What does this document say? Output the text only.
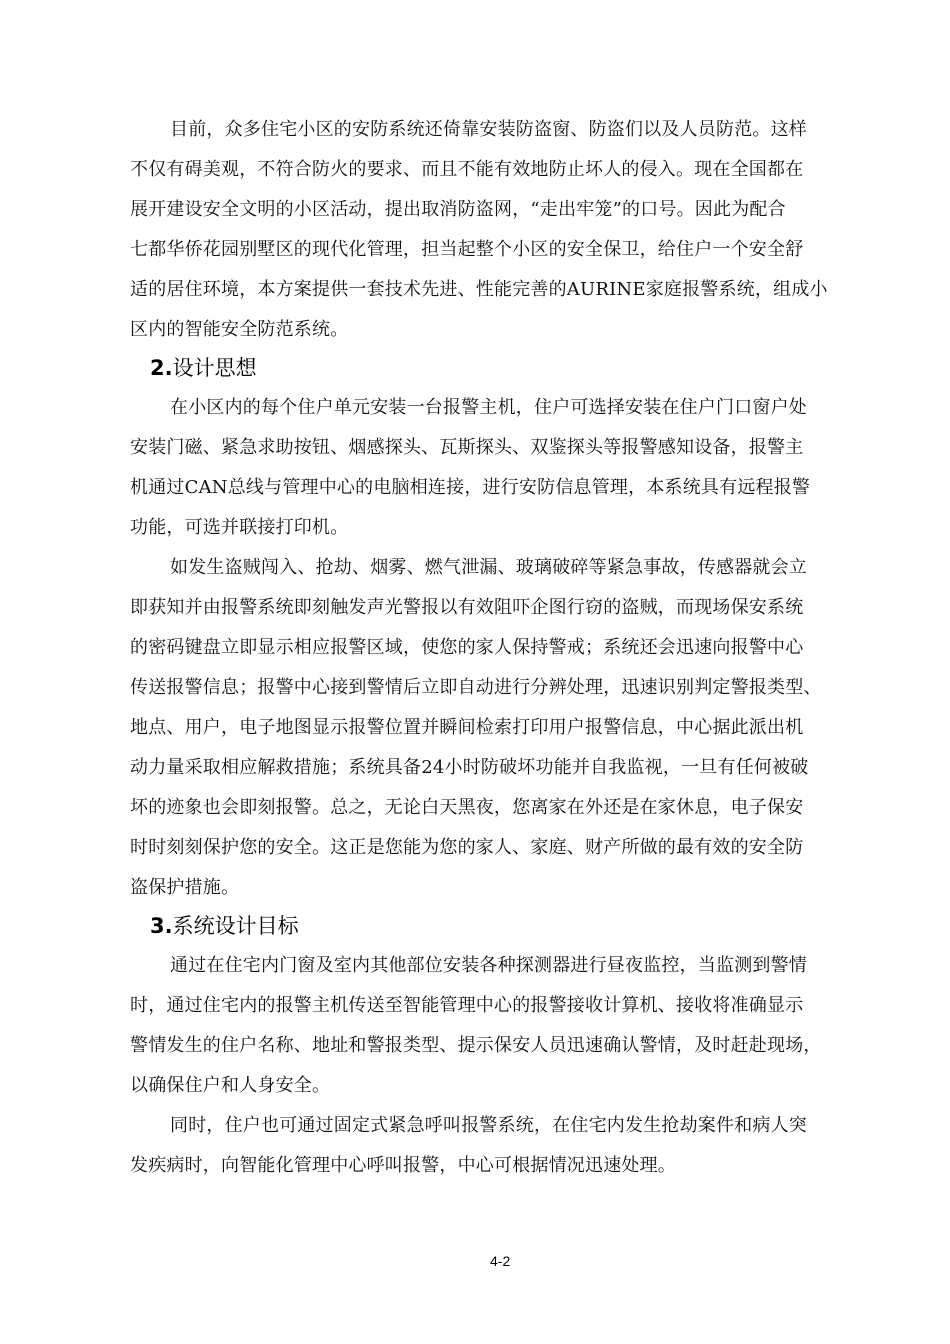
目前，众多住宅小区的安防系统还倚靠安装防盗窗、防盗们以及人员防范。这样
不仅有碍美观，不符合防火的要求、而且不能有效地防止坏人的侵入。现在全国都在
展开建设安全文明的小区活动，提出取消防盗网，“走出牢笼”的口号。因此为配合
七都华侨花园别墅区的现代化管理，担当起整个小区的安全保卫，给住户一个安全舒
适的居住环境，本方案提供一套技术先进、性能完善的AURINE家庭报警系统，组成小
区内的智能安全防范系统。
2.设计思想
在小区内的每个住户单元安装一台报警主机，住户可选择安装在住户门口窗户处
安装门磁、紧急求助按钮、烟感探头、瓦斯探头、双鉴探头等报警感知设备，报警主
机通过CAN总线与管理中心的电脑相连接，进行安防信息管理，本系统具有远程报警
功能，可选并联接打印机。
如发生盗贼闯入、抢劫、烟雾、燃气泄漏、玻璃破碎等紧急事故，传感器就会立
即获知并由报警系统即刻触发声光警报以有效阻吓企图行窃的盗贼，而现场保安系统
的密码键盘立即显示相应报警区域，使您的家人保持警戒；系统还会迅速向报警中心
传送报警信息；报警中心接到警情后立即自动进行分辨处理，迅速识别判定警报类型、
地点、用户，电子地图显示报警位置并瞬间检索打印用户报警信息，中心据此派出机
动力量采取相应解救措施；系统具备24小时防破坏功能并自我监视，一旦有任何被破
坏的迹象也会即刻报警。总之，无论白天黑夜，您离家在外还是在家休息，电子保安
时时刻刻保护您的安全。这正是您能为您的家人、家庭、财产所做的最有效的安全防
盗保护措施。
3.系统设计目标
通过在住宅内门窗及室内其他部位安装各种探测器进行昼夜监控，当监测到警情
时，通过住宅内的报警主机传送至智能管理中心的报警接收计算机、接收将准确显示
警情发生的住户名称、地址和警报类型、提示保安人员迅速确认警情，及时赶赴现场，
以确保住户和人身安全。
同时，住户也可通过固定式紧急呼叫报警系统，在住宅内发生抢劫案件和病人突
发疾病时，向智能化管理中心呼叫报警，中心可根据情况迅速处理。
4-2
